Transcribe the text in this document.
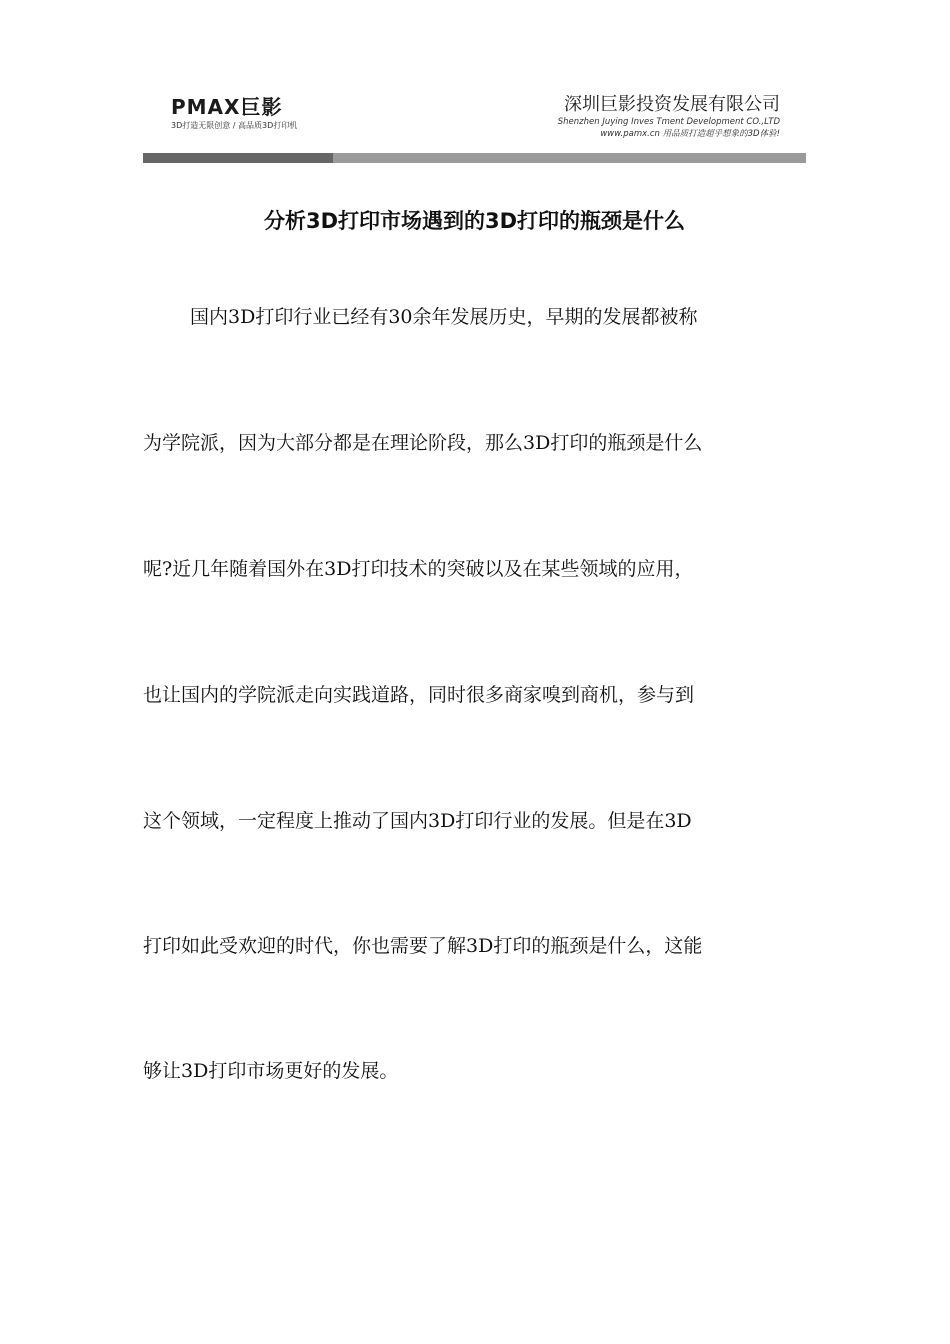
PMAX巨影
3D打造无限创意 / 高品质3D打印机
深圳巨影投资发展有限公司
Shenzhen Juying Inves Tment Development CO.,LTD
www.pamx.cn 用品质打造超乎想象的3D体验!
分析3D打印市场遇到的3D打印的瓶颈是什么
国内3D打印行业已经有30余年发展历史，早期的发展都被称
为学院派，因为大部分都是在理论阶段，那么3D打印的瓶颈是什么
呢?近几年随着国外在3D打印技术的突破以及在某些领域的应用，
也让国内的学院派走向实践道路，同时很多商家嗅到商机，参与到
这个领域，一定程度上推动了国内3D打印行业的发展。但是在3D
打印如此受欢迎的时代，你也需要了解3D打印的瓶颈是什么，这能
够让3D打印市场更好的发展。
